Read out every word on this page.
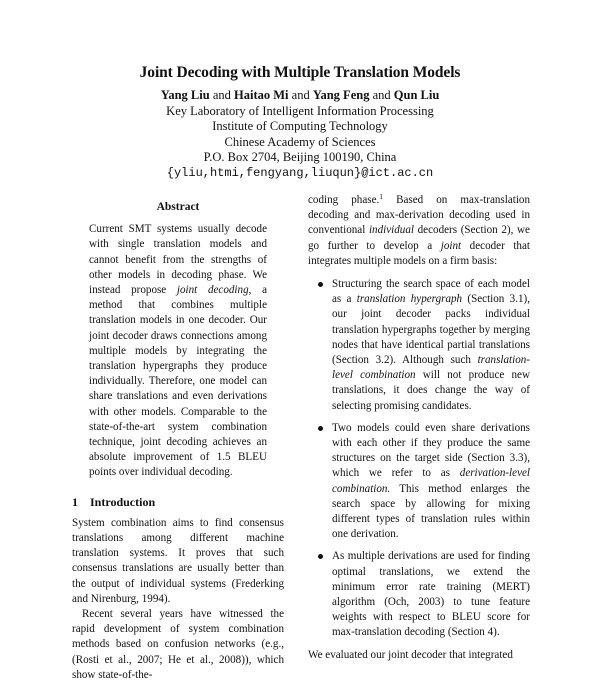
Joint Decoding with Multiple Translation Models
Yang Liu and Haitao Mi and Yang Feng and Qun Liu
Key Laboratory of Intelligent Information Processing
Institute of Computing Technology
Chinese Academy of Sciences
P.O. Box 2704, Beijing 100190, China
{yliu,htmi,fengyang,liuqun}@ict.ac.cn
Abstract

Current SMT systems usually decode with single translation models and cannot benefit from the strengths of other models in decoding phase. We instead propose joint decoding, a method that combines multiple translation models in one decoder. Our joint decoder draws connections among multiple models by integrating the translation hypergraphs they produce individually. Therefore, one model can share translations and even derivations with other models. Comparable to the state-of-the-art system combination technique, joint decoding achieves an absolute improvement of 1.5 BLEU points over individual decoding.

1 Introduction

System combination aims to find consensus translations among different machine translation systems. It proves that such consensus translations are usually better than the output of individual systems (Frederking and Nirenburg, 1994).

Recent several years have witnessed the rapid development of system combination methods based on confusion networks (e.g., (Rosti et al., 2007; He et al., 2008)), which show state-of-the-

coding phase.$^1$ Based on max-translation decoding and max-derivation decoding used in conventional individual decoders (Section 2), we go further to develop a joint decoder that integrates multiple models on a firm basis:

Structuring the search space of each model as a translation hypergraph (Section 3.1), our joint decoder packs individual translation hypergraphs together by merging nodes that have identical partial translations (Section 3.2). Although such translation-level combination will not produce new translations, it does change the way of selecting promising candidates.
Two models could even share derivations with each other if they produce the same structures on the target side (Section 3.3), which we refer to as derivation-level combination. This method enlarges the search space by allowing for mixing different types of translation rules within one derivation.
As multiple derivations are used for finding optimal translations, we extend the minimum error rate training (MERT) algorithm (Och, 2003) to tune feature weights with respect to BLEU score for max-translation decoding (Section 4).

We evaluated our joint decoder that integrated
